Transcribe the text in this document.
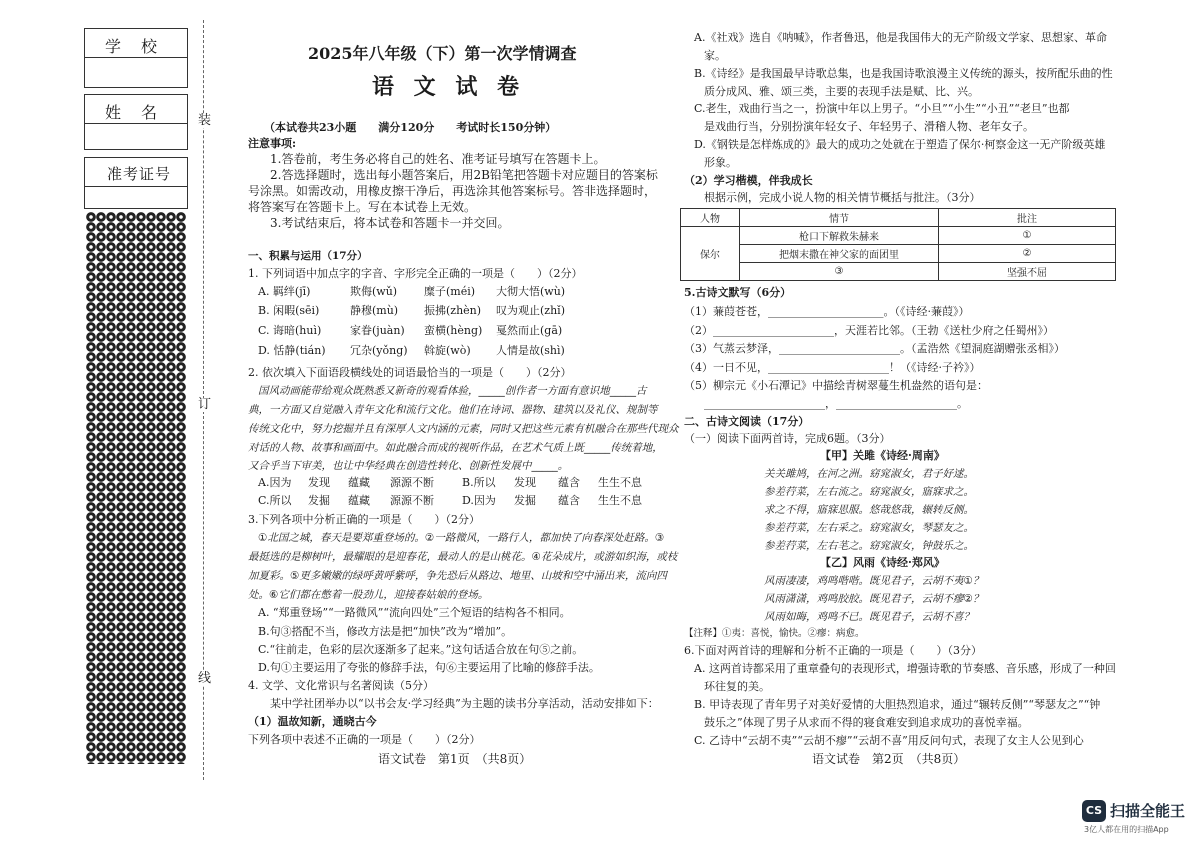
学　校
姓　名
准考证号
装
订
线
2025年八年级（下）第一次学情调查
语 文 试 卷
（本试卷共23小题　　满分120分　　考试时长150分钟）
注意事项:
1.答卷前，考生务必将自己的姓名、准考证号填写在答题卡上。
2.答选择题时，选出每小题答案后，用2B铅笔把答题卡对应题目的答案标
号涂黑。如需改动，用橡皮擦干净后，再选涂其他答案标号。答非选择题时，
将答案写在答题卡上。写在本试卷上无效。
3.考试结束后，将本试卷和答题卡一并交回。
一、积累与运用（17分）
1. 下列词语中加点字的字音、字形完全正确的一项是（　　）（2分）
A. 羁绊(jī)	欺侮(wǔ) 糜子(méi) 大彻大悟(wù)
B. 闲暇(sēi)	静穆(mù) 振拂(zhèn) 叹为观止(zhǐ)
C. 诲暗(huì)	家眷(juàn) 蛮横(hèng) 戛然而止(gā)
D. 恬静(tián) 冗杂(yǒng) 斡旋(wò) 人情是故(shì)
2. 依次填入下面语段横线处的词语最恰当的一项是（　　）（2分）
国风动画能带给观众既熟悉又新奇的观看体验，_____创作者一方面有意识地_____古
典，一方面又自觉融入青年文化和流行文化。他们在诗词、器物、建筑以及礼仪、规制等
传统文化中，努力挖掘并且有深厚人文内涵的元素，同时又把这些元素有机融合在那些代现众
对话的人物、故事和画面中。如此融合而成的视听作品，在艺术气质上既_____传统着地，
又合乎当下审美，也让中华经典在创造性转化、创新性发展中_____。
A.因为 发现 蕴藏 源源不断	B.所以 发现 蕴含 生生不息
C.所以 发掘 蕴藏 源源不断	D.因为 发掘 蕴含 生生不息
3.下列各项中分析正确的一项是（　　）（2分）
①北国之城，春天是要郑重登场的。②一路微风，一路行人，都加快了向春深处赶路。③
最挺选的是柳树叶，最耀眼的是迎春花，最动人的是山桃花。④花朵成片，或游如织海，或枝
加夏彩。⑤更多嫩嫩的绿呼黄呼紫呼，争先恐后从路边、地里、山坡和空中涌出来，流向四
处。⑥它们都在憋着一股劲儿，迎接春姑娘的登场。
A. “郑重登场”“一路微风”“流向四处”三个短语的结构各不相同。
B.句③搭配不当，修改方法是把“加快”改为“增加”。
C.“往前走，色彩的层次逐渐多了起来。”这句话适合放在句⑤之前。
D.句①主要运用了夸张的修辞手法，句⑥主要运用了比喻的修辞手法。
4. 文学、文化常识与名著阅读（5分）
某中学社团举办以“以书会友·学习经典”为主题的读书分享活动，活动安排如下：
（1）温故知新，通晓古今
下列各项中表述不正确的一项是（　　）（2分）
语文试卷　第1页　（共8页）
A.《社戏》选自《呐喊》，作者鲁迅，他是我国伟大的无产阶级文学家、思想家、革命
家。
B.《诗经》是我国最早诗歌总集，也是我国诗歌浪漫主义传统的源头，按所配乐曲的性
质分成风、雅、颂三类，主要的表现手法是赋、比、兴。
C.老生，戏曲行当之一，扮演中年以上男子。“小旦”“小生”“小丑”“老旦”也都
是戏曲行当，分别扮演年轻女子、年轻男子、滑稽人物、老年女子。
D.《钢铁是怎样炼成的》最大的成功之处就在于塑造了保尔·柯察金这一无产阶级英雄
形象。
（2）学习楷模，伴我成长
根据示例，完成小说人物的相关情节概括与批注。（3分）
人物	情节	批注
保尔	枪口下解救朱赫来	①
	把烟末撒在神父家的面团里	②
	③	坚强不屈
5.古诗文默写（6分）
（1）蒹葭苍苍，_____________________。（《诗经·蒹葭》）
（2）______________________，天涯若比邻。（王勃《送杜少府之任蜀州》）
（3）气蒸云梦泽，______________________。（孟浩然《望洞庭湖赠张丞相》）
（4）一日不见，______________________！（《诗经·子衿》）
（5）柳宗元《小石潭记》中描绘青树翠蔓生机盎然的语句是：
______________________，______________________。
二、古诗文阅读（17分）
（一）阅读下面两首诗，完成6题。（3分）
【甲】关雎《诗经·周南》
关关雎鸠，在河之洲。窈窕淑女，君子好逑。
参差荇菜，左右流之。窈窕淑女，寤寐求之。
求之不得，寤寐思服。悠哉悠哉，辗转反侧。
参差荇菜，左右采之。窈窕淑女，琴瑟友之。
参差荇菜，左右芼之。窈窕淑女，钟鼓乐之。
【乙】风雨《诗经·郑风》
风雨凄凄，鸡鸣喈喈。既见君子，云胡不夷①？
风雨潇潇，鸡鸣胶胶。既见君子，云胡不瘳②？
风雨如晦，鸡鸣不已。既见君子，云胡不喜？
【注释】①夷：喜悦，愉快。②瘳：病愈。
6.下面对两首诗的理解和分析不正确的一项是（　　）（3分）
A. 这两首诗都采用了重章叠句的表现形式，增强诗歌的节奏感、音乐感，形成了一种回
环往复的美。
B. 甲诗表现了青年男子对美好爱情的大胆热烈追求，通过“辗转反侧”“琴瑟友之”“钟
鼓乐之”体现了男子从求而不得的寝食难安到追求成功的喜悦幸福。
C. 乙诗中“云胡不夷”“云胡不瘳”“云胡不喜”用反问句式，表现了女主人公见到心
语文试卷　第2页　（共8页）
CS 扫描全能王
3亿人都在用的扫描App
